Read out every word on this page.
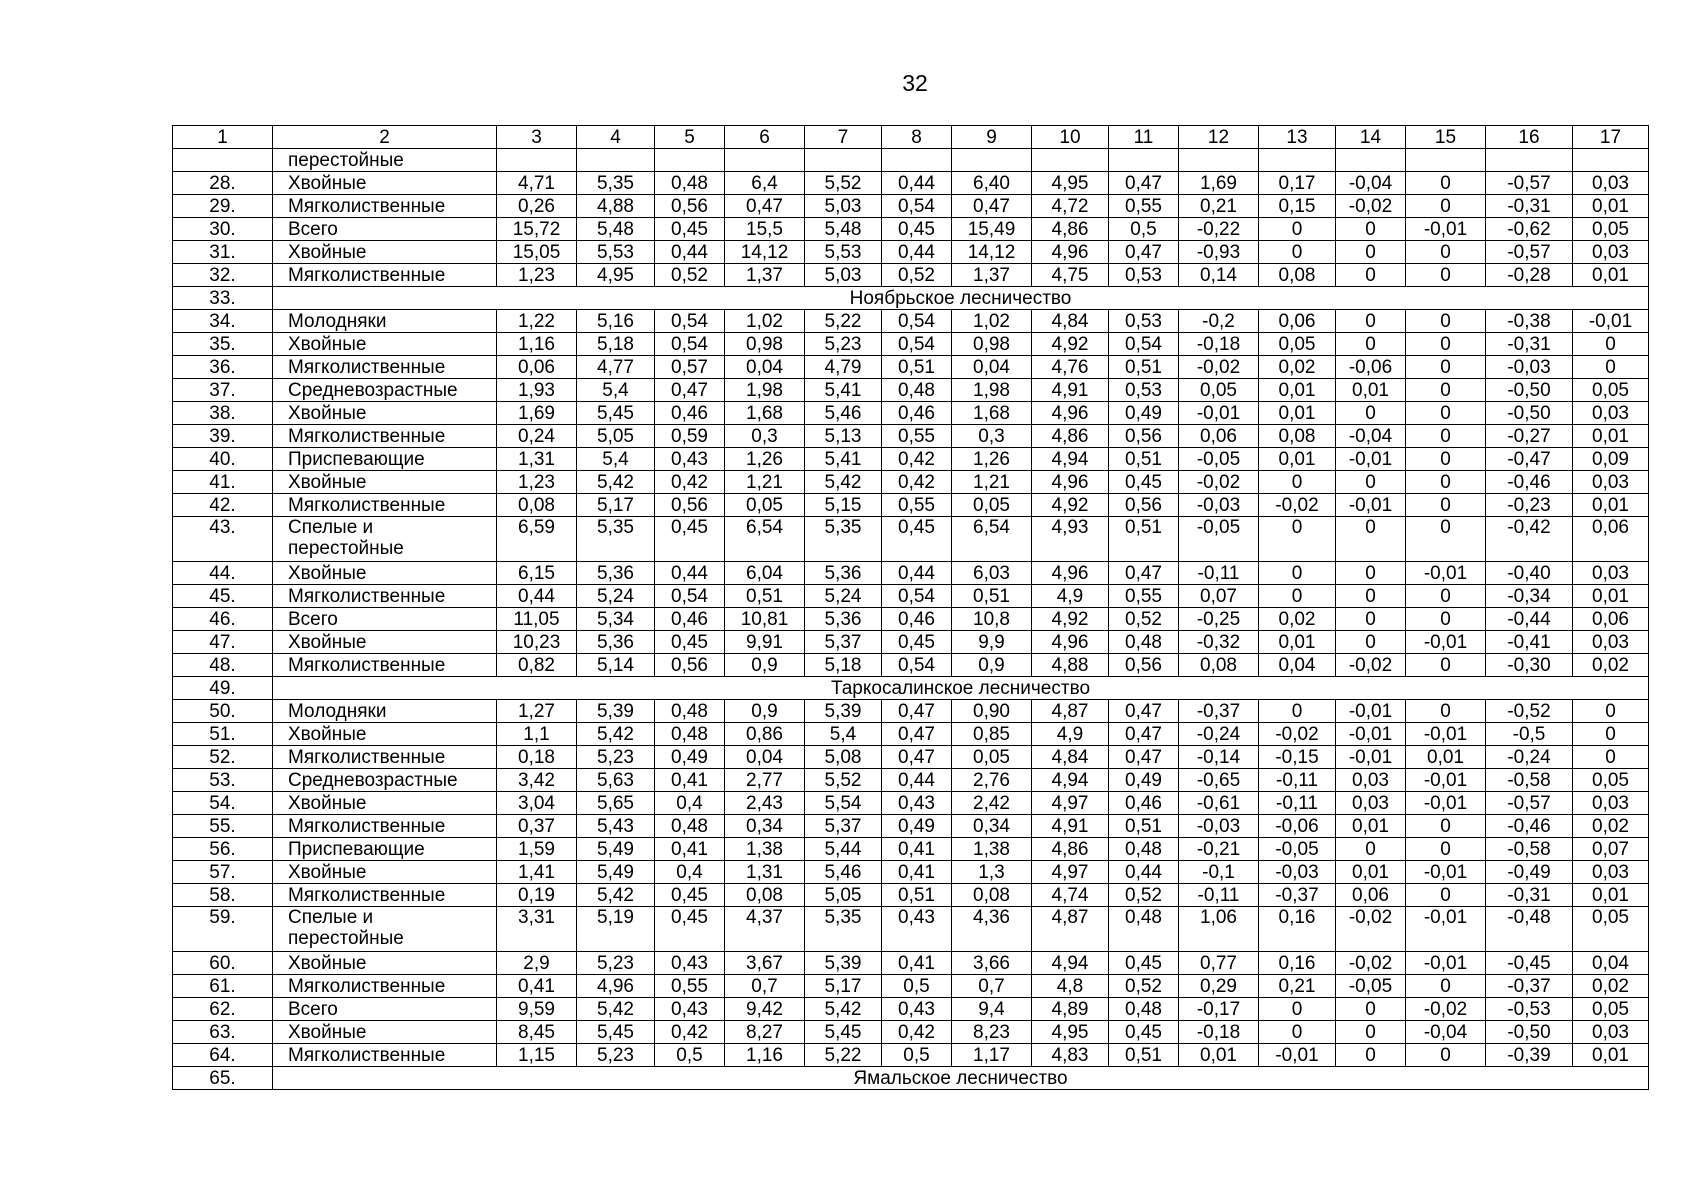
32
1	2	3	4	5	6	7	8	9	10	11	12	13	14	15	16	17
	перестойные															
28.	Хвойные	4,71	5,35	0,48	6,4	5,52	0,44	6,40	4,95	0,47	1,69	0,17	-0,04	0	-0,57	0,03
29.	Мягколиственные	0,26	4,88	0,56	0,47	5,03	0,54	0,47	4,72	0,55	0,21	0,15	-0,02	0	-0,31	0,01
30.	Всего	15,72	5,48	0,45	15,5	5,48	0,45	15,49	4,86	0,5	-0,22	0	0	-0,01	-0,62	0,05
31.	Хвойные	15,05	5,53	0,44	14,12	5,53	0,44	14,12	4,96	0,47	-0,93	0	0	0	-0,57	0,03
32.	Мягколиственные	1,23	4,95	0,52	1,37	5,03	0,52	1,37	4,75	0,53	0,14	0,08	0	0	-0,28	0,01
33.	Ноябрьское лесничество															
34.	Молодняки	1,22	5,16	0,54	1,02	5,22	0,54	1,02	4,84	0,53	-0,2	0,06	0	0	-0,38	-0,01
35.	Хвойные	1,16	5,18	0,54	0,98	5,23	0,54	0,98	4,92	0,54	-0,18	0,05	0	0	-0,31	0
36.	Мягколиственные	0,06	4,77	0,57	0,04	4,79	0,51	0,04	4,76	0,51	-0,02	0,02	-0,06	0	-0,03	0
37.	Средневозрастные	1,93	5,4	0,47	1,98	5,41	0,48	1,98	4,91	0,53	0,05	0,01	0,01	0	-0,50	0,05
38.	Хвойные	1,69	5,45	0,46	1,68	5,46	0,46	1,68	4,96	0,49	-0,01	0,01	0	0	-0,50	0,03
39.	Мягколиственные	0,24	5,05	0,59	0,3	5,13	0,55	0,3	4,86	0,56	0,06	0,08	-0,04	0	-0,27	0,01
40.	Приспевающие	1,31	5,4	0,43	1,26	5,41	0,42	1,26	4,94	0,51	-0,05	0,01	-0,01	0	-0,47	0,09
41.	Хвойные	1,23	5,42	0,42	1,21	5,42	0,42	1,21	4,96	0,45	-0,02	0	0	0	-0,46	0,03
42.	Мягколиственные	0,08	5,17	0,56	0,05	5,15	0,55	0,05	4,92	0,56	-0,03	-0,02	-0,01	0	-0,23	0,01
43.	Спелые и перестойные	6,59	5,35	0,45	6,54	5,35	0,45	6,54	4,93	0,51	-0,05	0	0	0	-0,42	0,06
44.	Хвойные	6,15	5,36	0,44	6,04	5,36	0,44	6,03	4,96	0,47	-0,11	0	0	-0,01	-0,40	0,03
45.	Мягколиственные	0,44	5,24	0,54	0,51	5,24	0,54	0,51	4,9	0,55	0,07	0	0	0	-0,34	0,01
46.	Всего	11,05	5,34	0,46	10,81	5,36	0,46	10,8	4,92	0,52	-0,25	0,02	0	0	-0,44	0,06
47.	Хвойные	10,23	5,36	0,45	9,91	5,37	0,45	9,9	4,96	0,48	-0,32	0,01	0	-0,01	-0,41	0,03
48.	Мягколиственные	0,82	5,14	0,56	0,9	5,18	0,54	0,9	4,88	0,56	0,08	0,04	-0,02	0	-0,30	0,02
49.	Таркосалинское лесничество															
50.	Молодняки	1,27	5,39	0,48	0,9	5,39	0,47	0,90	4,87	0,47	-0,37	0	-0,01	0	-0,52	0
51.	Хвойные	1,1	5,42	0,48	0,86	5,4	0,47	0,85	4,9	0,47	-0,24	-0,02	-0,01	-0,01	-0,5	0
52.	Мягколиственные	0,18	5,23	0,49	0,04	5,08	0,47	0,05	4,84	0,47	-0,14	-0,15	-0,01	0,01	-0,24	0
53.	Средневозрастные	3,42	5,63	0,41	2,77	5,52	0,44	2,76	4,94	0,49	-0,65	-0,11	0,03	-0,01	-0,58	0,05
54.	Хвойные	3,04	5,65	0,4	2,43	5,54	0,43	2,42	4,97	0,46	-0,61	-0,11	0,03	-0,01	-0,57	0,03
55.	Мягколиственные	0,37	5,43	0,48	0,34	5,37	0,49	0,34	4,91	0,51	-0,03	-0,06	0,01	0	-0,46	0,02
56.	Приспевающие	1,59	5,49	0,41	1,38	5,44	0,41	1,38	4,86	0,48	-0,21	-0,05	0	0	-0,58	0,07
57.	Хвойные	1,41	5,49	0,4	1,31	5,46	0,41	1,3	4,97	0,44	-0,1	-0,03	0,01	-0,01	-0,49	0,03
58.	Мягколиственные	0,19	5,42	0,45	0,08	5,05	0,51	0,08	4,74	0,52	-0,11	-0,37	0,06	0	-0,31	0,01
59.	Спелые и перестойные	3,31	5,19	0,45	4,37	5,35	0,43	4,36	4,87	0,48	1,06	0,16	-0,02	-0,01	-0,48	0,05
60.	Хвойные	2,9	5,23	0,43	3,67	5,39	0,41	3,66	4,94	0,45	0,77	0,16	-0,02	-0,01	-0,45	0,04
61.	Мягколиственные	0,41	4,96	0,55	0,7	5,17	0,5	0,7	4,8	0,52	0,29	0,21	-0,05	0	-0,37	0,02
62.	Всего	9,59	5,42	0,43	9,42	5,42	0,43	9,4	4,89	0,48	-0,17	0	0	-0,02	-0,53	0,05
63.	Хвойные	8,45	5,45	0,42	8,27	5,45	0,42	8,23	4,95	0,45	-0,18	0	0	-0,04	-0,50	0,03
64.	Мягколиственные	1,15	5,23	0,5	1,16	5,22	0,5	1,17	4,83	0,51	0,01	-0,01	0	0	-0,39	0,01
65.	Ямальское лесничество															
